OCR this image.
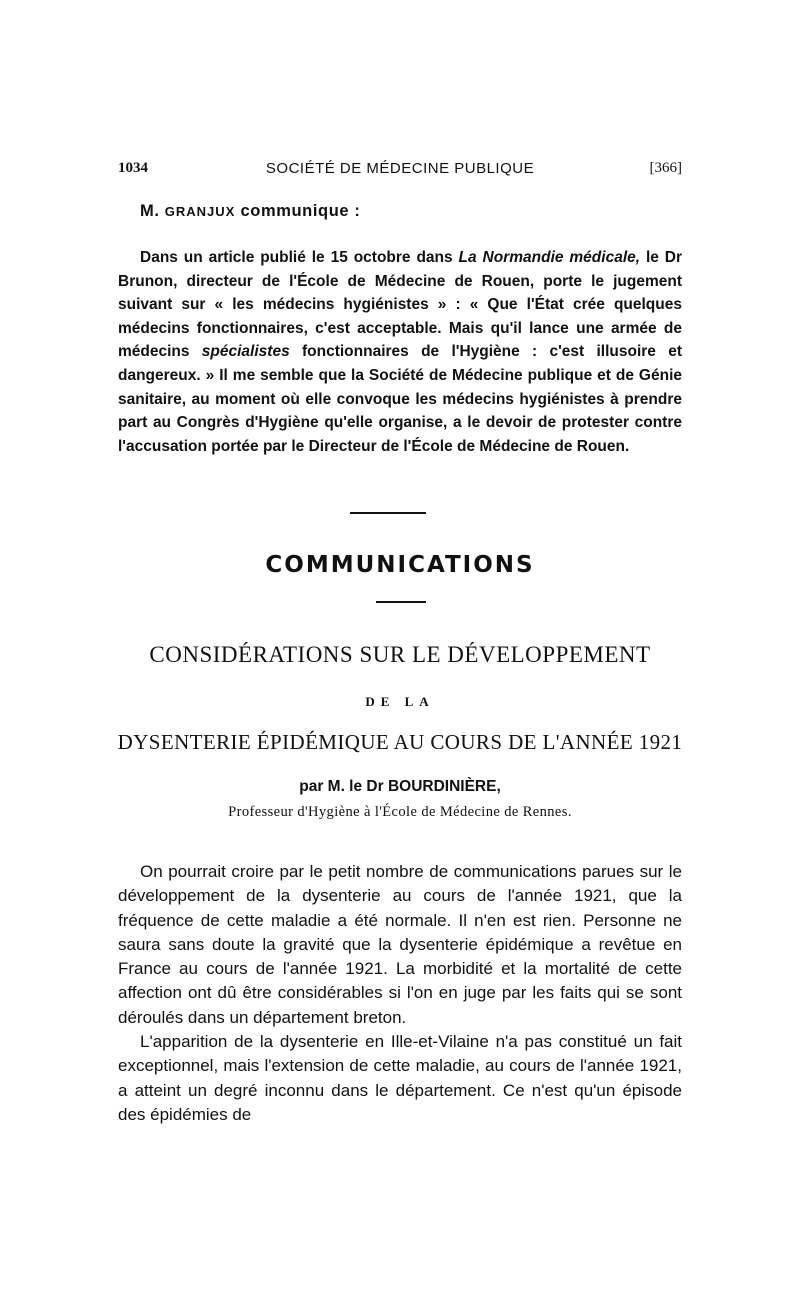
1034	SOCIÉTÉ DE MÉDECINE PUBLIQUE	[366]
M. GRANJUX communique :
Dans un article publié le 15 octobre dans La Normandie médicale, le Dr Brunon, directeur de l'École de Médecine de Rouen, porte le jugement suivant sur « les médecins hygiénistes » : « Que l'État crée quelques médecins fonctionnaires, c'est acceptable. Mais qu'il lance une armée de médecins spécialistes fonctionnaires de l'Hygiène : c'est illusoire et dangereux. » Il me semble que la Société de Médecine publique et de Génie sanitaire, au moment où elle convoque les médecins hygiénistes à prendre part au Congrès d'Hygiène qu'elle organise, a le devoir de protester contre l'accusation portée par le Directeur de l'École de Médecine de Rouen.
COMMUNICATIONS
CONSIDÉRATIONS SUR LE DÉVELOPPEMENT
DE LA
DYSENTERIE ÉPIDÉMIQUE AU COURS DE L'ANNÉE 1921
par M. le Dr BOURDINIÈRE,
Professeur d'Hygiène à l'École de Médecine de Rennes.

On pourrait croire par le petit nombre de communications parues sur le développement de la dysenterie au cours de l'année 1921, que la fréquence de cette maladie a été normale. Il n'en est rien. Personne ne saura sans doute la gravité que la dysenterie épidémique a revêtue en France au cours de l'année 1921. La morbidité et la mortalité de cette affection ont dû être considérables si l'on en juge par les faits qui se sont déroulés dans un département breton.

L'apparition de la dysenterie en Ille-et-Vilaine n'a pas constitué un fait exceptionnel, mais l'extension de cette maladie, au cours de l'année 1921, a atteint un degré inconnu dans le département. Ce n'est qu'un épisode des épidémies de
